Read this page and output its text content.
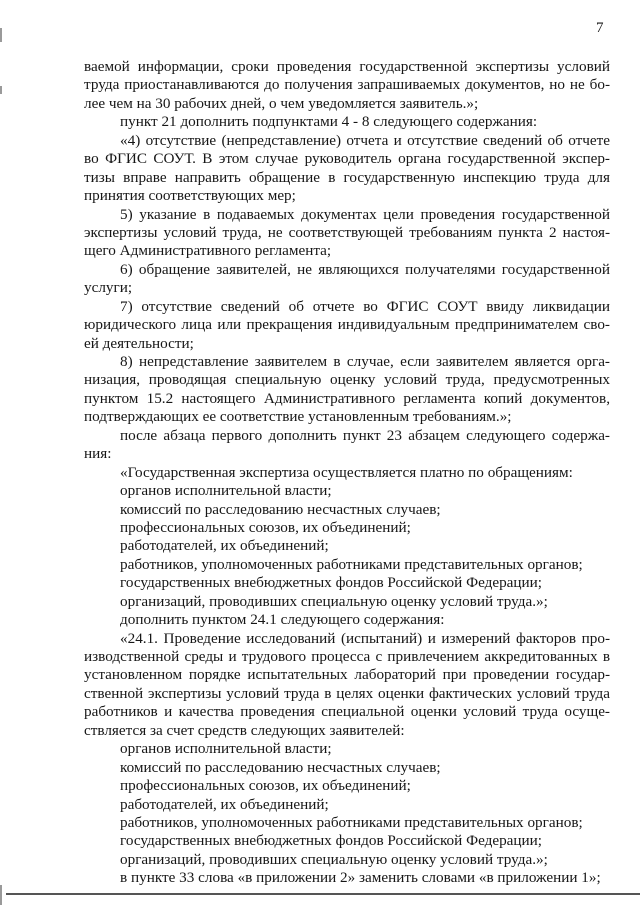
7
ваемой информации, сроки проведения государственной экспертизы условий
труда приостанавливаются до получения запрашиваемых документов, но не бо-
лее чем на 30 рабочих дней, о чем уведомляется заявитель.»;
пункт 21 дополнить подпунктами 4 - 8 следующего содержания:
«4) отсутствие (непредставление) отчета и отсутствие сведений об отчете
во ФГИС СОУТ. В этом случае руководитель органа государственной экспер-
тизы вправе направить обращение в государственную инспекцию труда для
принятия соответствующих мер;
5) указание в подаваемых документах цели проведения государственной
экспертизы условий труда, не соответствующей требованиям пункта 2 настоя-
щего Административного регламента;
6) обращение заявителей, не являющихся получателями государственной
услуги;
7) отсутствие сведений об отчете во ФГИС СОУТ ввиду ликвидации
юридического лица или прекращения индивидуальным предпринимателем сво-
ей деятельности;
8) непредставление заявителем в случае, если заявителем является орга-
низация, проводящая специальную оценку условий труда, предусмотренных
пунктом 15.2 настоящего Административного регламента копий документов,
подтверждающих ее соответствие установленным требованиям.»;
после абзаца первого дополнить пункт 23 абзацем следующего содержа-
ния:
«Государственная экспертиза осуществляется платно по обращениям:
органов исполнительной власти;
комиссий по расследованию несчастных случаев;
профессиональных союзов, их объединений;
работодателей, их объединений;
работников, уполномоченных работниками представительных органов;
государственных внебюджетных фондов Российской Федерации;
организаций, проводивших специальную оценку условий труда.»;
дополнить пунктом 24.1 следующего содержания:
«24.1. Проведение исследований (испытаний) и измерений факторов про-
изводственной среды и трудового процесса с привлечением аккредитованных в
установленном порядке испытательных лабораторий при проведении государ-
ственной экспертизы условий труда в целях оценки фактических условий труда
работников и качества проведения специальной оценки условий труда осуще-
ствляется за счет средств следующих заявителей:
органов исполнительной власти;
комиссий по расследованию несчастных случаев;
профессиональных союзов, их объединений;
работодателей, их объединений;
работников, уполномоченных работниками представительных органов;
государственных внебюджетных фондов Российской Федерации;
организаций, проводивших специальную оценку условий труда.»;
в пункте 33 слова «в приложении 2» заменить словами «в приложении 1»;
